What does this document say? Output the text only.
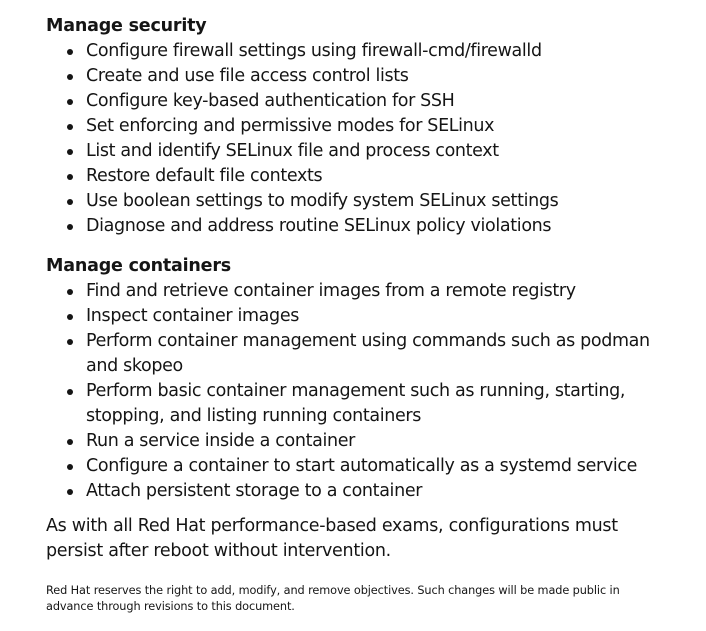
Manage security
Configure firewall settings using firewall-cmd/firewalld
Create and use file access control lists
Configure key-based authentication for SSH
Set enforcing and permissive modes for SELinux
List and identify SELinux file and process context
Restore default file contexts
Use boolean settings to modify system SELinux settings
Diagnose and address routine SELinux policy violations
Manage containers
Find and retrieve container images from a remote registry
Inspect container images
Perform container management using commands such as podman and skopeo
Perform basic container management such as running, starting, stopping, and listing running containers
Run a service inside a container
Configure a container to start automatically as a systemd service
Attach persistent storage to a container

As with all Red Hat performance-based exams, configurations must persist after reboot without intervention.

Red Hat reserves the right to add, modify, and remove objectives. Such changes will be made public in advance through revisions to this document.
